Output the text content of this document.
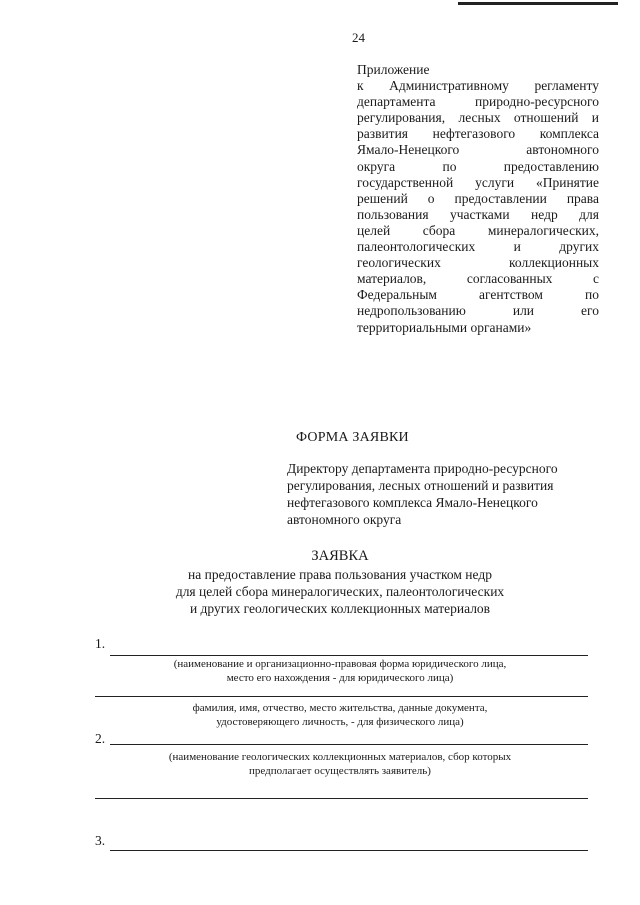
24
Приложение
к Административному регламенту
департамента природно-ресурсного
регулирования, лесных отношений и
развития нефтегазового комплекса
Ямало-Ненецкого автономного
округа по предоставлению
государственной услуги «Принятие
решений о предоставлении права
пользования участками недр для
целей сбора минералогических,
палеонтологических и других
геологических коллекционных
материалов, согласованных с
Федеральным агентством по
недропользованию или его
территориальными органами»
ФОРМА ЗАЯВКИ
Директору департамента природно-ресурсного
регулирования, лесных отношений и развития
нефтегазового комплекса Ямало-Ненецкого
автономного округа
ЗАЯВКА
на предоставление права пользования участком недр
для целей сбора минералогических, палеонтологических
и других геологических коллекционных материалов
1.
(наименование и организационно-правовая форма юридического лица,
место его нахождения - для юридического лица)
фамилия, имя, отчество, место жительства, данные документа,
удостоверяющего личность, - для физического лица)
2.
(наименование геологических коллекционных материалов, сбор которых
предполагает осуществлять заявитель)
3.
